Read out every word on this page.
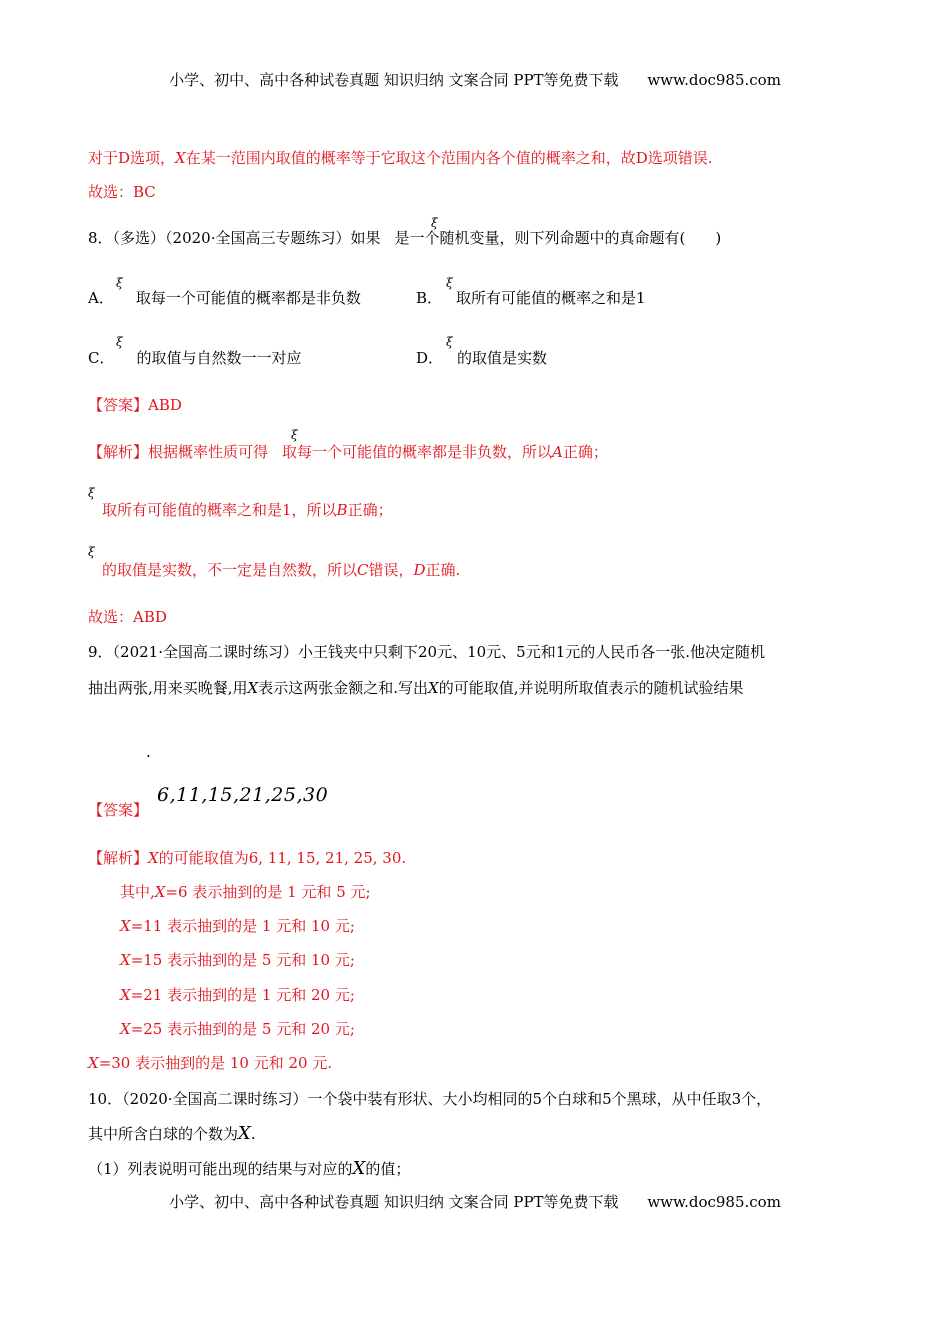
小学、初中、高中各种试卷真题 知识归纳 文案合同 PPT等免费下载 www.doc985.com
对于D选项，X在某一范围内取值的概率等于它取这个范围内各个值的概率之和，故D选项错误.
故选：BC
8．（多选）（2020·全国高三专题练习）如果 是一个随机变量，则下列命题中的真命题有(　　)
ξ
A． 取每一个可能值的概率都是非负数
ξ
B． 取所有可能值的概率之和是1
ξ
C． 的取值与自然数一一对应
ξ
D． 的取值是实数
ξ
【答案】ABD
【解析】根据概率性质可得 取每一个可能值的概率都是非负数，所以A正确；
ξ
取所有可能值的概率之和是1，所以B正确；
ξ
的取值是实数，不一定是自然数，所以C错误，D正确.
ξ
故选：ABD
9．（2021·全国高二课时练习）小王钱夹中只剩下20元、10元、5元和1元的人民币各一张.他决定随机
抽出两张,用来买晚餐,用X表示这两张金额之和.写出X的可能取值,并说明所取值表示的随机试验结果
.
6,11,15,21,25,30
【答案】
【解析】X的可能取值为6, 11, 15, 21, 25, 30.
其中,X=6 表示抽到的是 1 元和 5 元;
X=11 表示抽到的是 1 元和 10 元;
X=15 表示抽到的是 5 元和 10 元;
X=21 表示抽到的是 1 元和 20 元;
X=25 表示抽到的是 5 元和 20 元;
X=30 表示抽到的是 10 元和 20 元.
10．（2020·全国高二课时练习）一个袋中装有形状、大小均相同的5个白球和5个黑球，从中任取3个，
其中所含白球的个数为X.
（1）列表说明可能出现的结果与对应的X的值；
小学、初中、高中各种试卷真题 知识归纳 文案合同 PPT等免费下载 www.doc985.com
